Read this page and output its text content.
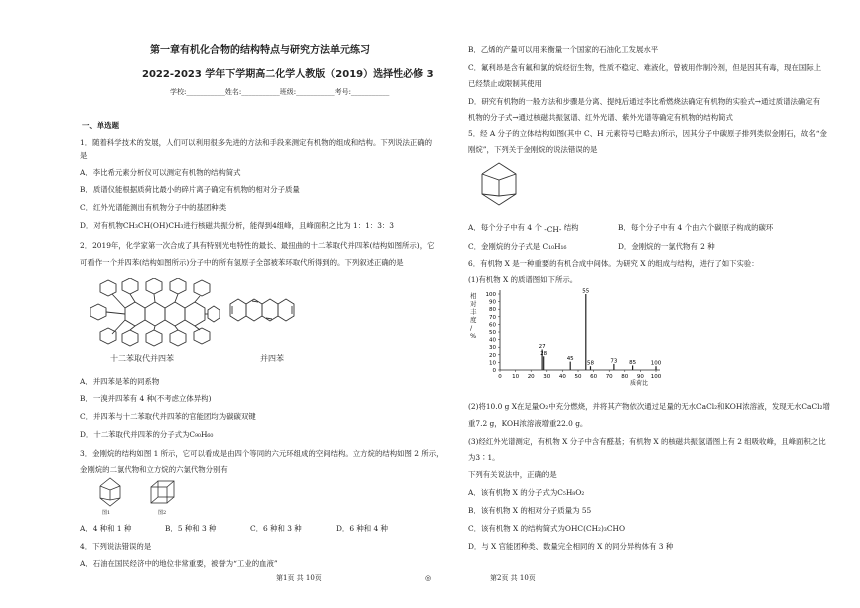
第一章有机化合物的结构特点与研究方法单元练习
2022-2023 学年下学期高二化学人教版（2019）选择性必修 3
学校:___________姓名:___________班级:___________考号:___________
一、单选题
1．随着科学技术的发展，人们可以利用很多先进的方法和手段来测定有机物的组成和结构。下列说法正确的
是
A．李比希元素分析仪可以测定有机物的结构简式
B．质谱仪能根据质荷比最小的碎片离子确定有机物的相对分子质量
C．红外光谱能测出有机物分子中的基团种类
D．对有机物CH₃CH(OH)CH₃进行核磁共振分析，能得到4组峰，且峰面积之比为 1：1：3：3
2．2019年，化学家第一次合成了具有特别光电特性的最长、最扭曲的十二苯取代并四苯(结构如图所示)，它
可看作一个并四苯(结构如图所示)分子中的所有氢原子全部被苯环取代所得到的。下列叙述正确的是
十二苯取代并四苯	并四苯
A．并四苯是苯的同系物
B．一溴并四苯有 4 种(不考虑立体异构)
C．并四苯与十二苯取代并四苯的官能团均为碳碳双键
D．十二苯取代并四苯的分子式为C₉₀H₆₀
3．金刚烷的结构如图 1 所示，它可以看成是由四个等同的六元环组成的空间结构。立方烷的结构如图 2 所示，
金刚烷的二氯代物和立方烷的六氯代物分别有
图1	图2
A．4 种和 1 种	B．5 种和 3 种	C．6 种和 3 种	D．6 种和 4 种
4．下列说法错误的是
A．石油在国民经济中的地位非常重要，被誉为“工业的血液”
第1页 共 10页	◎	第2页 共 10页
B．乙烯的产量可以用来衡量一个国家的石油化工发展水平
C．氟利昂是含有氟和氯的烷烃衍生物，性质不稳定、难液化，曾被用作制冷剂，但是因其有毒，现在国际上
已经禁止或限制其使用
D．研究有机物的一般方法和步骤是分离、提纯后通过李比希燃烧法确定有机物的实验式→通过质谱法确定有
机物的分子式→通过核磁共振氢谱、红外光谱、紫外光谱等确定有机物的结构简式
5．经 A 分子的立体结构如图(其中 C、H 元素符号已略去)所示，因其分子中碳原子排列类似金刚石，故名“金
刚烷”，下列关于金刚烷的说法错误的是
A．每个分子中有 4 个 -CH- 结构	B．每个分子中有 4 个由六个碳原子构成的碳环
C．金刚烷的分子式是 C₁₀H₁₆	D．金刚烷的一氯代物有 2 种
6．有机物 X 是一种重要的有机合成中间体。为研究 X 的组成与结构，进行了如下实验：
(1)有机物 X 的质谱图如下所示。
相
对
丰
度
/
%
27
28
45
55
58	73 85	100
0
10
20
30
40
50
60
70
80
90
100
0 10 20 30 40 50 60 70 80 90 100
质荷比
(2)将10.0 g X在足量O₂中充分燃烧，并将其产物依次通过足量的无水CaCl₂和KOH浓溶液，发现无水CaCl₂增
重7.2 g，KOH浓溶液增重22.0 g。
(3)经红外光谱测定，有机物 X 分子中含有醛基；有机物 X 的核磁共振氢谱图上有 2 组吸收峰，且峰面积之比
为3∶1。
下列有关说法中，正确的是
A．该有机物 X 的分子式为C₅H₈O₂
B．该有机物 X 的相对分子质量为 55
C．该有机物 X 的结构简式为OHC(CH₂)₃CHO
D．与 X 官能团种类、数量完全相同的 X 的同分异构体有 3 种
